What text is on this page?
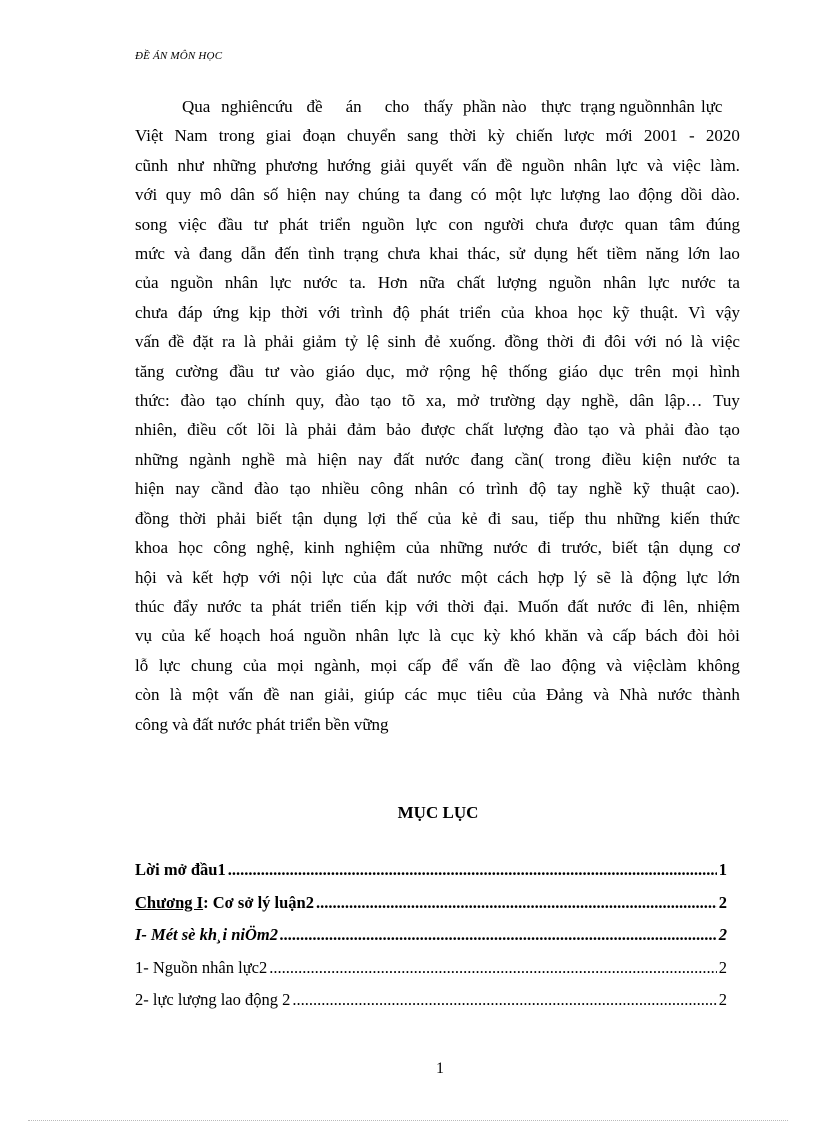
ĐỀ ÁN MÔN HỌC
Qua nghiên cứu đề	án	cho thấy phần nào thực trạng nguồn nhân lực
Việt Nam trong giai đoạn chuyển sang thời kỳ chiến lược mới 2001 - 2020
cũnh như những phương hướng giải quyết vấn đề nguồn nhân lực và việc làm.
với quy mô dân số hiện nay chúng ta đang có một lực lượng lao động dồi dào.
song việc đầu tư phát triển nguồn lực con người chưa được quan tâm đúng
mức và đang dẫn đến tình trạng chưa khai thác, sử dụng hết tiềm năng lớn lao
của nguồn nhân lực nước ta. Hơn nữa chất lượng nguồn nhân lực nước ta
chưa đáp ứng kịp thời với trình độ phát triển của khoa học kỹ thuật. Vì vậy
vấn đề đặt ra là phải giảm tỷ lệ sinh đẻ xuống. đồng thời đi đôi với nó là việc
tăng cường đầu tư vào giáo dục, mở rộng hệ thống giáo dục trên mọi hình
thức: đào tạo chính quy, đào tạo tõ xa, mở trường dạy nghề, dân lập… Tuy
nhiên, điều cốt lõi là phải đảm bảo được chất lượng đào tạo và phải đào tạo
những ngành nghề mà hiện nay đất nước đang cần( trong điều kiện nước ta
hiện nay cầnd đào tạo nhiều công nhân có trình độ tay nghề kỹ thuật cao).
đồng thời phải biết tận dụng lợi thế của kẻ đi sau, tiếp thu những kiến thức
khoa học công nghệ, kinh nghiệm của những nước đi trước, biết tận dụng cơ
hội và kết hợp với nội lực của đất nước một cách hợp lý sẽ là động lực lớn
thúc đẩy nước ta phát triển tiến kịp với thời đại. Muốn đất nước đi lên, nhiệm
vụ của kế hoạch hoá nguồn nhân lực là cục kỳ khó khăn và cấp bách đòi hỏi
lỗ lực chung của mọi ngành, mọi cấp để vấn đề lao động và việclàm không
còn là một vấn đề nan giải, giúp các mục tiêu của Đảng và Nhà nước thành
công và đất nước phát triển bền vững
MỤC LỤC
Lời mở đầu1 .....	1
Chương I: Cơ sở lý luận2 .....	2
I- Mét sè kh¸i niÖm2 .....	2
1- Nguồn nhân lực2 .....	2
2- lực lượng lao động 2 .....	2
1
